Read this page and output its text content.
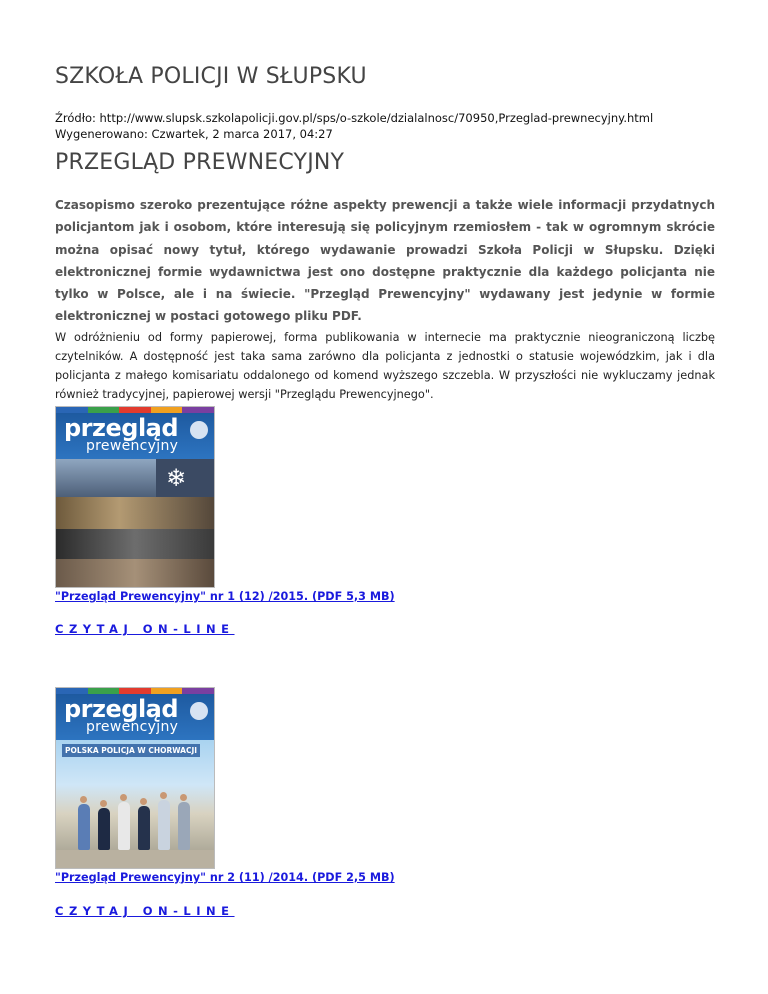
SZKOŁA POLICJI W SŁUPSKU
Źródło: http://www.slupsk.szkolapolicji.gov.pl/sps/o-szkole/dzialalnosc/70950,Przeglad-prewnecyjny.html
Wygenerowano: Czwartek, 2 marca 2017, 04:27
PRZEGLĄD PREWNECYJNY

Czasopismo szeroko prezentujące różne aspekty prewencji a także wiele informacji przydatnych policjantom jak i osobom, które interesują się policyjnym rzemiosłem - tak w ogromnym skrócie można opisać nowy tytuł, którego wydawanie prowadzi Szkoła Policji w Słupsku. Dzięki elektronicznej formie wydawnictwa jest ono dostępne praktycznie dla każdego policjanta nie tylko w Polsce, ale i na świecie. "Przegląd Prewencyjny" wydawany jest jedynie w formie elektronicznej w postaci gotowego pliku PDF.

W odróżnieniu od formy papierowej, forma publikowania w internecie ma praktycznie nieograniczoną liczbę czytelników. A dostępność jest taka sama zarówno dla policjanta z jednostki o statusie wojewódzkim, jak i dla policjanta z małego komisariatu oddalonego od komend wyższego szczebla. W przyszłości nie wykluczamy jednak również tradycyjnej, papierowej wersji "Przeglądu Prewencyjnego".

przegląd
prewencyjny
❄
"Przegląd Prewencyjny" nr 1 (12) /2015. (PDF 5,3 MB)
CZYTAJ ON-LINE
przegląd
prewencyjny
POLSKA POLICJA W CHORWACJI
"Przegląd Prewencyjny" nr 2 (11) /2014. (PDF 2,5 MB)
CZYTAJ ON-LINE
